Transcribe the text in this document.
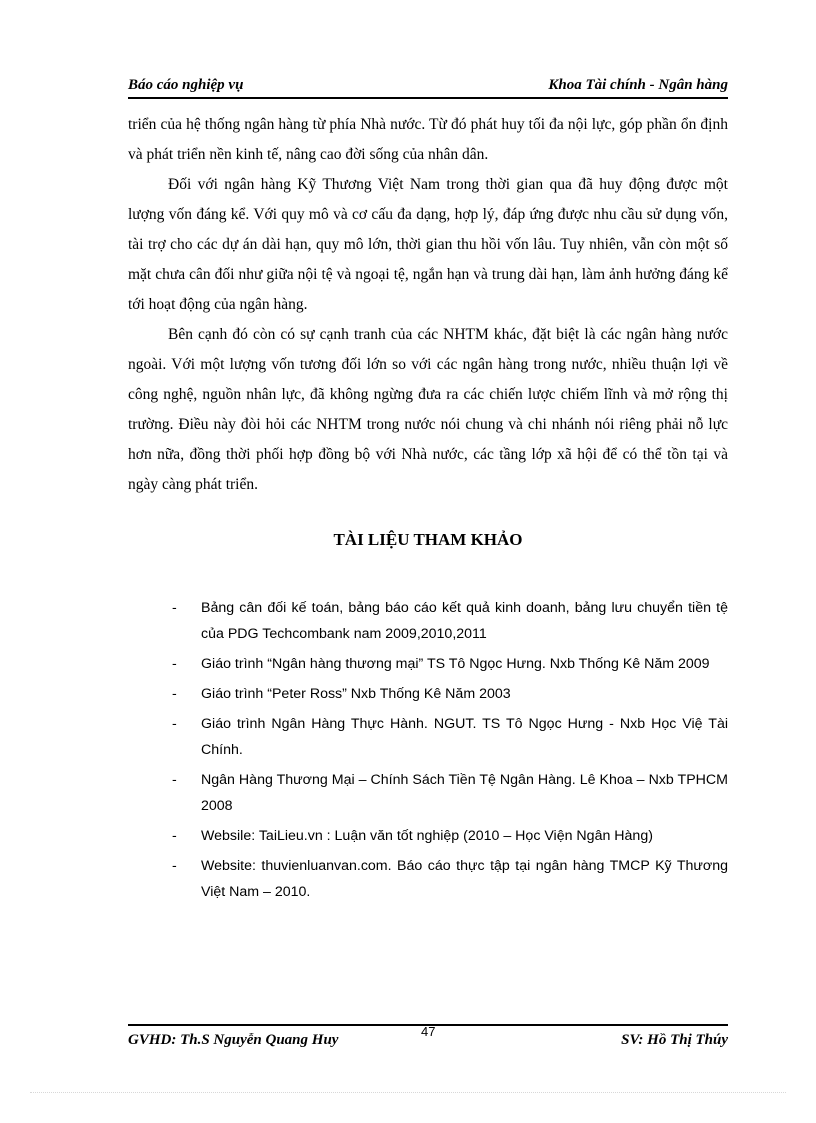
Báo cáo nghiệp vụ	Khoa Tài chính - Ngân hàng

triển của hệ thống ngân hàng từ phía Nhà nước. Từ đó phát huy tối đa nội lực, góp phần ổn định và phát triển nền kinh tế, nâng cao đời sống của nhân dân.

Đối với ngân hàng Kỹ Thương Việt Nam trong thời gian qua đã huy động được một lượng vốn đáng kể. Với quy mô và cơ cấu đa dạng, hợp lý, đáp ứng được nhu cầu sử dụng vốn, tài trợ cho các dự án dài hạn, quy mô lớn, thời gian thu hồi vốn lâu. Tuy nhiên, vẫn còn một số mặt chưa cân đối như giữa nội tệ và ngoại tệ, ngắn hạn và trung dài hạn, làm ảnh hưởng đáng kể tới hoạt động của ngân hàng.

Bên cạnh đó còn có sự cạnh tranh của các NHTM khác, đặt biệt là các ngân hàng nước ngoài. Với một lượng vốn tương đối lớn so với các ngân hàng trong nước, nhiều thuận lợi về công nghệ, nguồn nhân lực, đã không ngừng đưa ra các chiến lược chiếm lĩnh và mở rộng thị trường. Điều này đòi hỏi các NHTM trong nước nói chung và chi nhánh nói riêng phải nỗ lực hơn nữa, đồng thời phối hợp đồng bộ với Nhà nước, các tầng lớp xã hội để có thể tồn tại và ngày càng phát triển.

TÀI LIỆU THAM KHẢO
- Bảng cân đối kế toán, bảng báo cáo kết quả kinh doanh, bảng lưu chuyển tiền tệ của PDG Techcombank nam 2009,2010,2011
- Giáo trình “Ngân hàng thương mại” TS Tô Ngọc Hưng. Nxb Thống Kê Năm 2009
- Giáo trình “Peter Ross” Nxb Thống Kê Năm 2003
- Giáo trình Ngân Hàng Thực Hành. NGUT. TS Tô Ngọc Hưng - Nxb Học Việ Tài Chính.
- Ngân Hàng Thương Mại – Chính Sách Tiền Tệ Ngân Hàng. Lê Khoa – Nxb TPHCM 2008
- Websile: TaiLieu.vn : Luận văn tốt nghiệp (2010 – Học Viện Ngân Hàng)
- Website: thuvienluanvan.com. Báo cáo thực tập tại ngân hàng TMCP Kỹ Thương Việt Nam – 2010.
GVHD: Th.S Nguyễn Quang Huy
47
SV: Hồ Thị Thúy
